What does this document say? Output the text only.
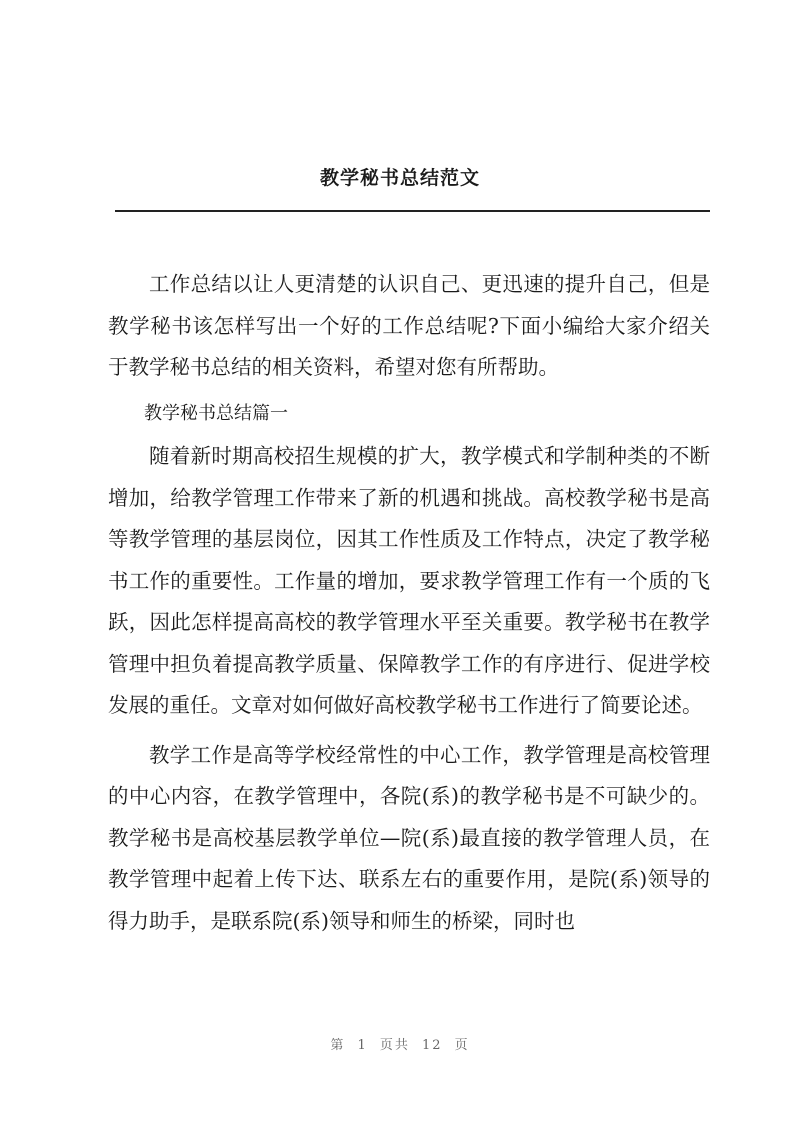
教学秘书总结范文

工作总结以让人更清楚的认识自己、更迅速的提升自己，但是教学秘书该怎样写出一个好的工作总结呢?下面小编给大家介绍关于教学秘书总结的相关资料，希望对您有所帮助。

教学秘书总结篇一

随着新时期高校招生规模的扩大，教学模式和学制种类的不断增加，给教学管理工作带来了新的机遇和挑战。高校教学秘书是高等教学管理的基层岗位，因其工作性质及工作特点，决定了教学秘书工作的重要性。工作量的增加，要求教学管理工作有一个质的飞跃，因此怎样提高高校的教学管理水平至关重要。教学秘书在教学管理中担负着提高教学质量、保障教学工作的有序进行、促进学校发展的重任。文章对如何做好高校教学秘书工作进行了简要论述。

教学工作是高等学校经常性的中心工作，教学管理是高校管理的中心内容，在教学管理中，各院(系)的教学秘书是不可缺少的。教学秘书是高校基层教学单位—院(系)最直接的教学管理人员，在教学管理中起着上传下达、联系左右的重要作用，是院(系)领导的得力助手，是联系院(系)领导和师生的桥梁，同时也

第 1 页共 12 页
